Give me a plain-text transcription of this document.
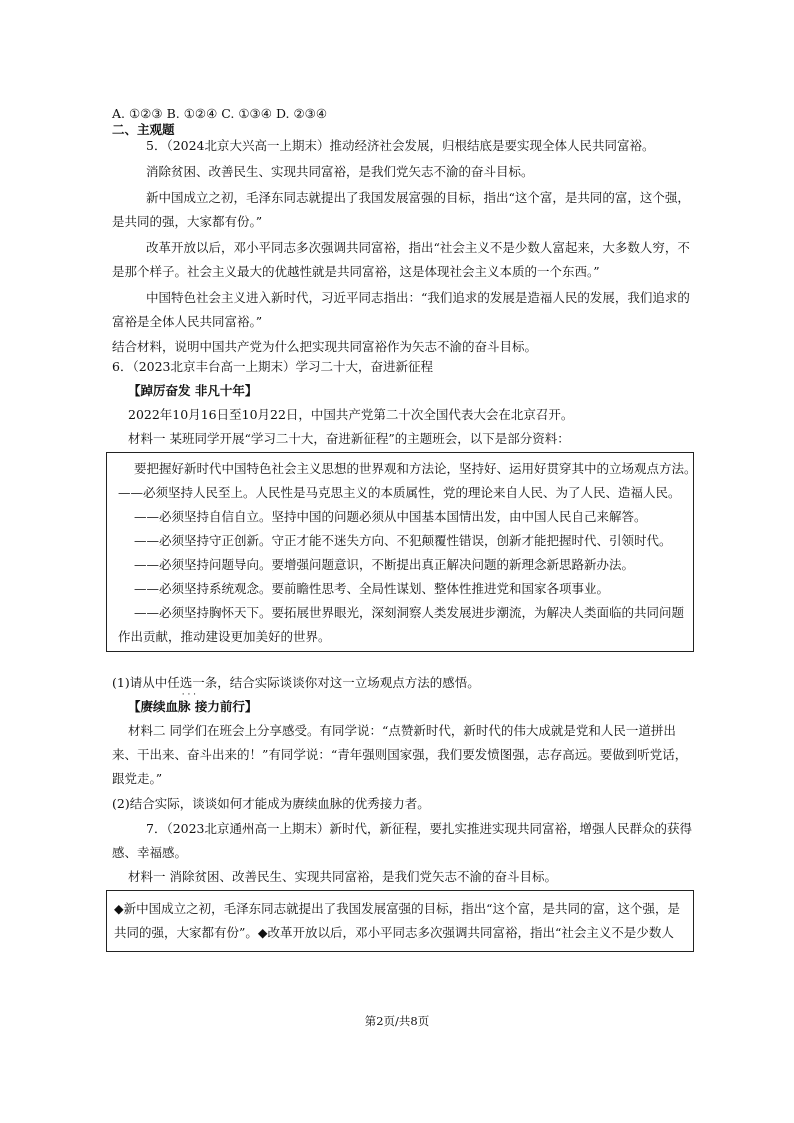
A. ①②③ B. ①②④ C. ①③④ D. ②③④
二、主观题
5．（2024北京大兴高一上期末）推动经济社会发展，归根结底是要实现全体人民共同富裕。
消除贫困、改善民生、实现共同富裕，是我们党矢志不渝的奋斗目标。
新中国成立之初，毛泽东同志就提出了我国发展富强的目标，指出“这个富，是共同的富，这个强，
是共同的强，大家都有份。”
改革开放以后，邓小平同志多次强调共同富裕，指出“社会主义不是少数人富起来，大多数人穷，不
是那个样子。社会主义最大的优越性就是共同富裕，这是体现社会主义本质的一个东西。”
中国特色社会主义进入新时代，习近平同志指出：“我们追求的发展是造福人民的发展，我们追求的
富裕是全体人民共同富裕。”
结合材料，说明中国共产党为什么把实现共同富裕作为矢志不渝的奋斗目标。
6．（2023北京丰台高一上期末）学习二十大，奋进新征程
【踔厉奋发 非凡十年】
2022年10月16日至10月22日，中国共产党第二十次全国代表大会在北京召开。
材料一 某班同学开展“学习二十大，奋进新征程”的主题班会，以下是部分资料：
要把握好新时代中国特色社会主义思想的世界观和方法论，坚持好、运用好贯穿其中的立场观点方法。
——必须坚持人民至上。人民性是马克思主义的本质属性，党的理论来自人民、为了人民、造福人民。
——必须坚持自信自立。坚持中国的问题必须从中国基本国情出发，由中国人民自己来解答。
——必须坚持守正创新。守正才能不迷失方向、不犯颠覆性错误，创新才能把握时代、引领时代。
——必须坚持问题导向。要增强问题意识，不断提出真正解决问题的新理念新思路新办法。
——必须坚持系统观念。要前瞻性思考、全局性谋划、整体性推进党和国家各项事业。
——必须坚持胸怀天下。要拓展世界眼光，深刻洞察人类发展进步潮流，为解决人类面临的共同问题
作出贡献，推动建设更加美好的世界。
(1)请从中任选一条 · · ·，结合实际谈谈你对这一立场观点方法的感悟。
【赓续血脉 接力前行】
材料二 同学们在班会上分享感受。有同学说：“点赞新时代，新时代的伟大成就是党和人民一道拼出
来、干出来、奋斗出来的！”有同学说：“青年强则国家强，我们要发愤图强，志存高远。要做到听党话，
跟党走。”
(2)结合实际，谈谈如何才能成为赓续血脉的优秀接力者。
7．（2023北京通州高一上期末）新时代，新征程，要扎实推进实现共同富裕，增强人民群众的获得
感、幸福感。
材料一 消除贫困、改善民生、实现共同富裕，是我们党矢志不渝的奋斗目标。
◆新中国成立之初，毛泽东同志就提出了我国发展富强的目标，指出“这个富，是共同的富，这个强，是
共同的强，大家都有份”。◆改革开放以后，邓小平同志多次强调共同富裕，指出“社会主义不是少数人
第2页/共8页
